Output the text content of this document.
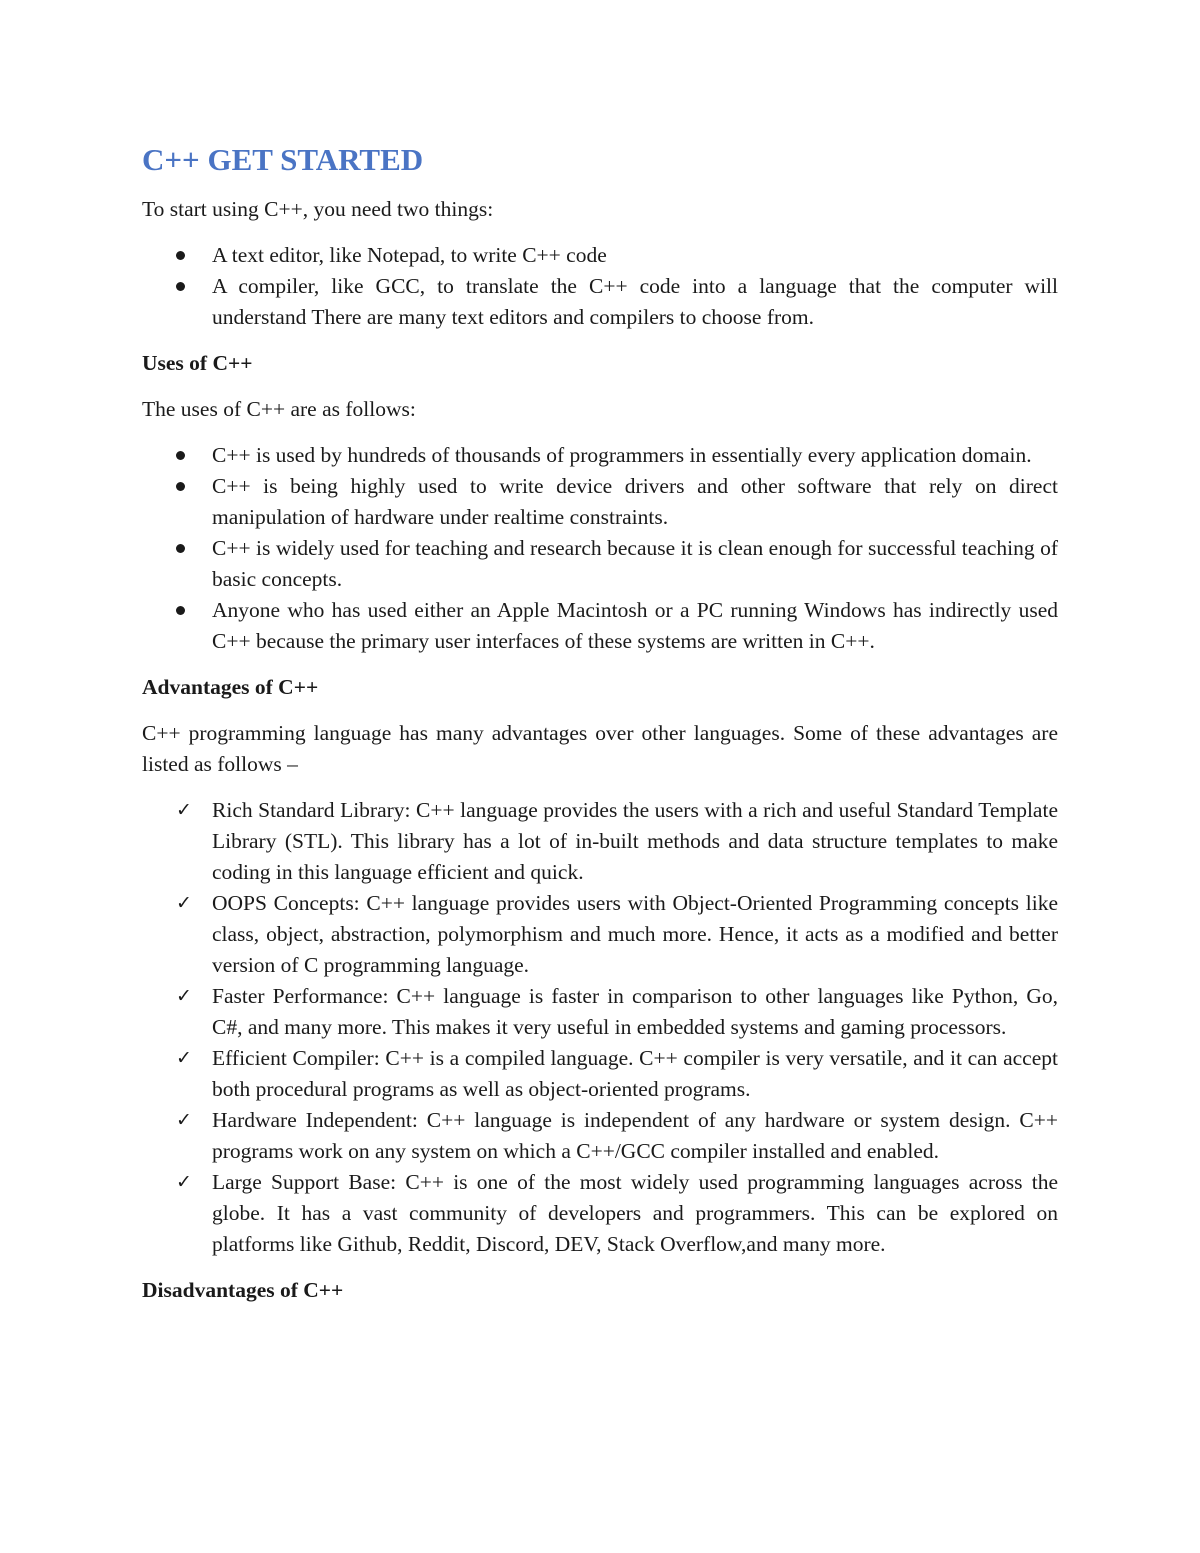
C++ GET STARTED

To start using C++, you need two things:

A text editor, like Notepad, to write C++ code
A compiler, like GCC, to translate the C++ code into a language that the computer will understand There are many text editors and compilers to choose from.
Uses of C++

The uses of C++ are as follows:

C++ is used by hundreds of thousands of programmers in essentially every application domain.
C++ is being highly used to write device drivers and other software that rely on direct manipulation of hardware under realtime constraints.
C++ is widely used for teaching and research because it is clean enough for successful teaching of basic concepts.
Anyone who has used either an Apple Macintosh or a PC running Windows has indirectly used C++ because the primary user interfaces of these systems are written in C++.
Advantages of C++

C++ programming language has many advantages over other languages. Some of these advantages are listed as follows –

✓ Rich Standard Library: C++ language provides the users with a rich and useful Standard Template Library (STL). This library has a lot of in-built methods and data structure templates to make coding in this language efficient and quick.
✓ OOPS Concepts: C++ language provides users with Object-Oriented Programming concepts like class, object, abstraction, polymorphism and much more. Hence, it acts as a modified and better version of C programming language.
✓ Faster Performance: C++ language is faster in comparison to other languages like Python, Go, C#, and many more. This makes it very useful in embedded systems and gaming processors.
✓ Efficient Compiler: C++ is a compiled language. C++ compiler is very versatile, and it can accept both procedural programs as well as object-oriented programs.
✓ Hardware Independent: C++ language is independent of any hardware or system design. C++ programs work on any system on which a C++/GCC compiler installed and enabled.
✓ Large Support Base: C++ is one of the most widely used programming languages across the globe. It has a vast community of developers and programmers. This can be explored on platforms like Github, Reddit, Discord, DEV, Stack Overflow,and many more.
Disadvantages of C++
